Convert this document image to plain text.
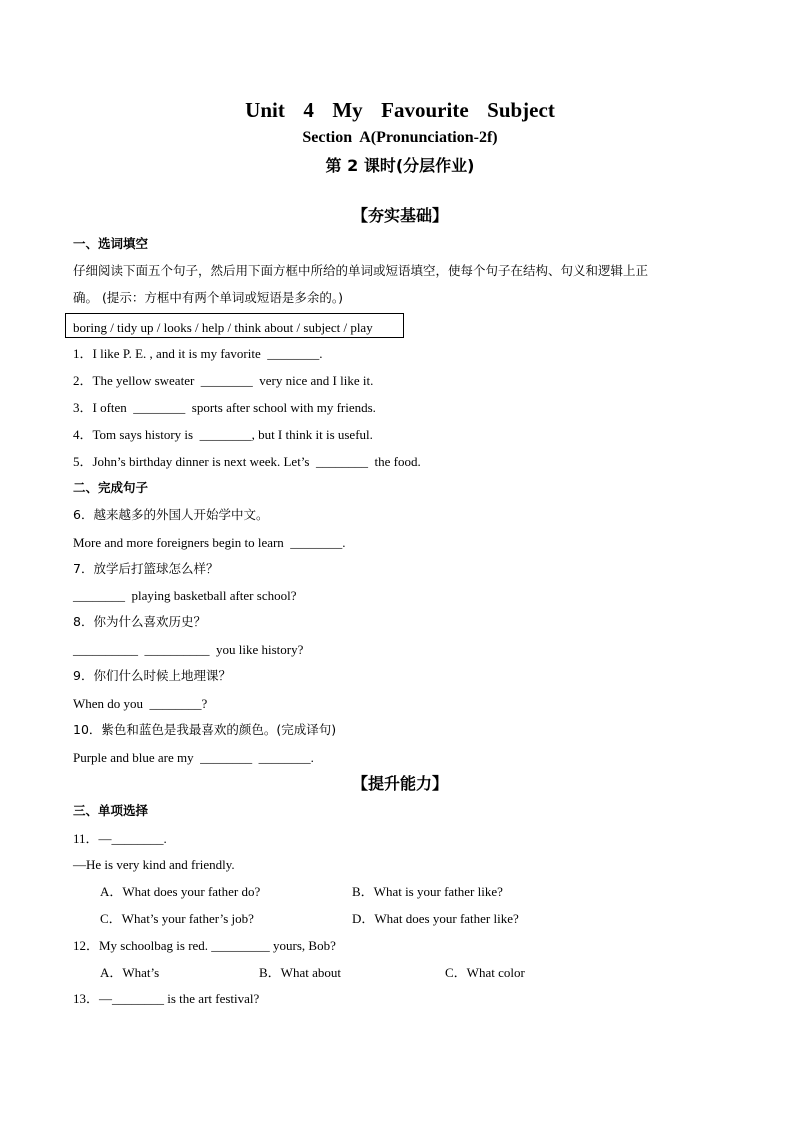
Unit  4  My  Favourite  Subject
Section  A(Pronunciation-2f)
第 2 课时(分层作业)
【夯实基础】
一、选词填空
仔细阅读下面五个句子，然后用下面方框中所给的单词或短语填空，使每个句子在结构、句义和逻辑上正
确。 (提示：方框中有两个单词或短语是多余的。)
boring / tidy up / looks / help / think about / subject / play
1．I like P. E. , and it is my favorite  ________.
2．The yellow sweater  ________  very nice and I like it.
3．I often  ________  sports after school with my friends.
4．Tom says history is  ________, but I think it is useful.
5．John’s birthday dinner is next week. Let’s  ________  the food.
二、完成句子
6．越来越多的外国人开始学中文。
More and more foreigners begin to learn  ________.
7．放学后打篮球怎么样？
________  playing basketball after school?
8．你为什么喜欢历史？
__________  __________  you like history?
9．你们什么时候上地理课？
When do you  ________?
10．紫色和蓝色是我最喜欢的颜色。(完成译句)
Purple and blue are my  ________  ________.
【提升能力】
三、单项选择
11．—________.
—He is very kind and friendly.
A．What does your father do?	B．What is your father like?
C．What’s your father’s job?	D．What does your father like?
12．My schoolbag is red. _________ yours, Bob?
A．What’s	B．What about	C．What color
13．—________ is the art festival?
